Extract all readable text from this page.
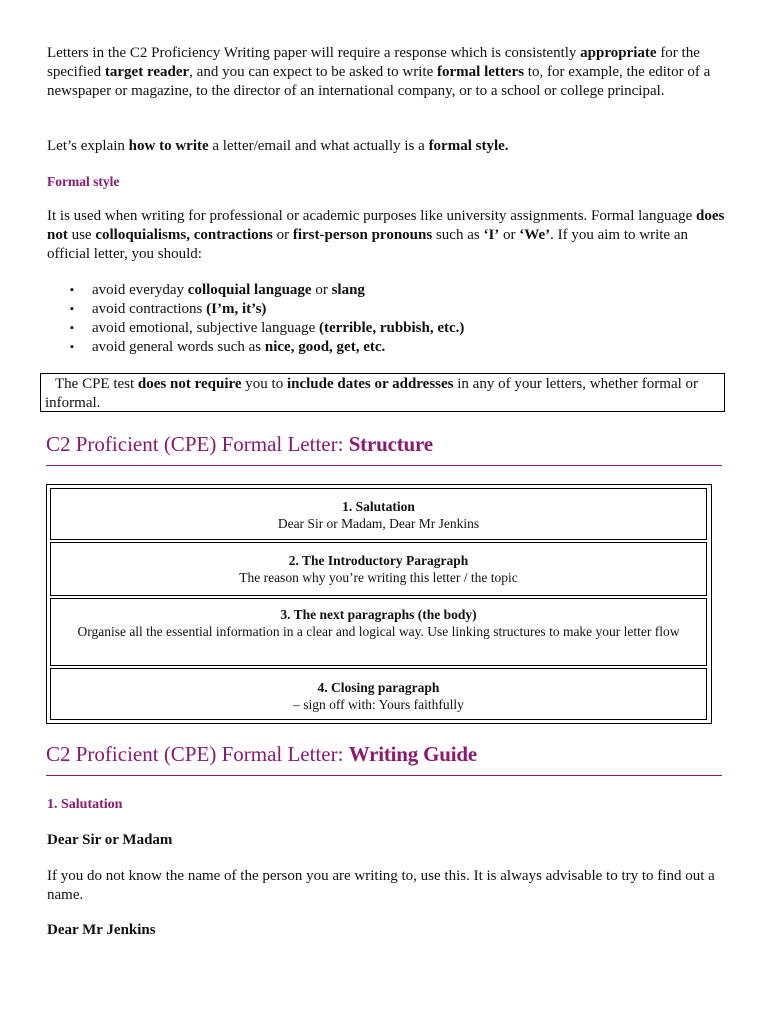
Letters in the C2 Proficiency Writing paper will require a response which is consistently appropriate for the specified target reader, and you can expect to be asked to write formal letters to, for example, the editor of a newspaper or magazine, to the director of an international company, or to a school or college principal.
Let’s explain how to write a letter/email and what actually is a formal style.
Formal style
It is used when writing for professional or academic purposes like university assignments. Formal language does not use colloquialisms, contractions or first-person pronouns such as ‘I’ or ‘We’. If you aim to write an official letter, you should:
▪ avoid everyday colloquial language or slang
▪ avoid contractions (I’m, it’s)
▪ avoid emotional, subjective language (terrible, rubbish, etc.)
▪ avoid general words such as nice, good, get, etc.
The CPE test does not require you to include dates or addresses in any of your letters, whether formal or informal.
C2 Proficient (CPE) Formal Letter: Structure
1. Salutation
Dear Sir or Madam, Dear Mr Jenkins
2. The Introductory Paragraph
The reason why you’re writing this letter / the topic
3. The next paragraphs (the body)
Organise all the essential information in a clear and logical way. Use linking structures to make your letter flow
4. Closing paragraph
– sign off with: Yours faithfully
C2 Proficient (CPE) Formal Letter: Writing Guide
1. Salutation
Dear Sir or Madam
If you do not know the name of the person you are writing to, use this. It is always advisable to try to find out a name.
Dear Mr Jenkins
